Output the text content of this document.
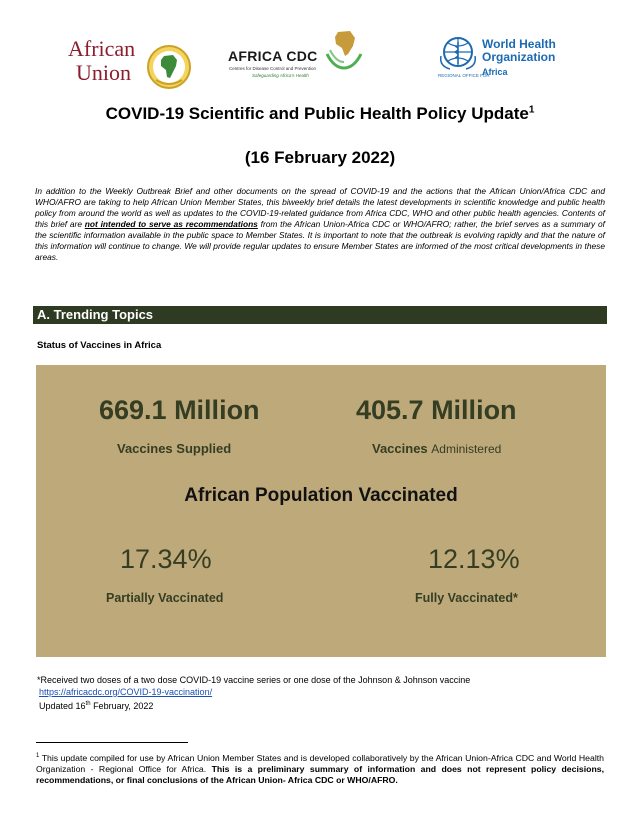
African
Union
AFRICA CDC
Centres for Disease Control and Prevention
Safeguarding Africa's Health
World Health
Organization
REGIONAL OFFICE FOR
Africa
COVID-19 Scientific and Public Health Policy Update$^1$
(16 February 2022)
In addition to the Weekly Outbreak Brief and other documents on the spread of COVID-19 and the actions that the African Union/Africa CDC and WHO/AFRO are taking to help African Union Member States, this biweekly brief details the latest developments in scientific knowledge and public health policy from around the world as well as updates to the COVID-19-related guidance from Africa CDC, WHO and other public health agencies. Contents of this brief are not intended to serve as recommendations from the African Union-Africa CDC or WHO/AFRO; rather, the brief serves as a summary of the scientific information available in the public space to Member States. It is important to note that the outbreak is evolving rapidly and that the nature of this information will continue to change. We will provide regular updates to ensure Member States are informed of the most critical developments in these areas.
A. Trending Topics
Status of Vaccines in Africa
669.1 Million
Vaccines Supplied
405.7 Million
Vaccines Administered
African Population Vaccinated
17.34%
Partially Vaccinated
12.13%
Fully Vaccinated*
*Received two doses of a two dose COVID-19 vaccine series or one dose of the Johnson & Johnson vaccine
https://africacdc.org/COVID-19-vaccination/
Updated 16th February, 2022
$^1$ This update compiled for use by African Union Member States and is developed collaboratively by the African Union-Africa CDC and World Health Organization - Regional Office for Africa. This is a preliminary summary of information and does not represent policy decisions, recommendations, or final conclusions of the African Union- Africa CDC or WHO/AFRO.
